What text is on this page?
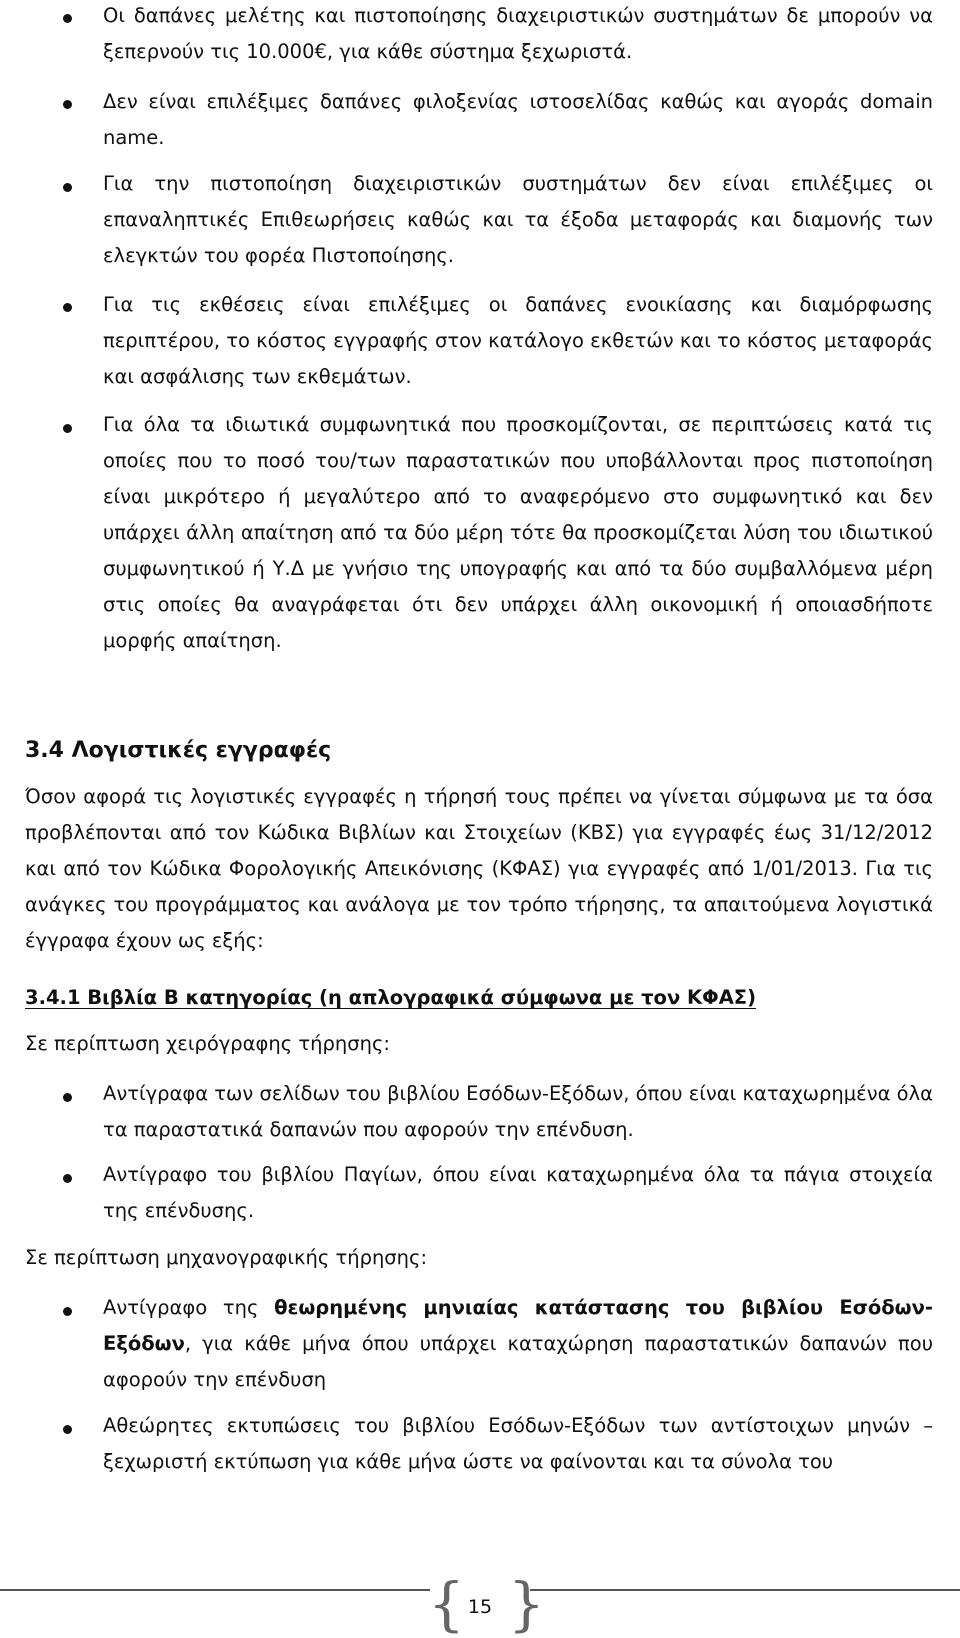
Οι δαπάνες μελέτης και πιστοποίησης διαχειριστικών συστημάτων δε μπορούν να ξεπερνούν τις 10.000€, για κάθε σύστημα ξεχωριστά.
Δεν είναι επιλέξιμες δαπάνες φιλοξενίας ιστοσελίδας καθώς και αγοράς domain name.
Για την πιστοποίηση διαχειριστικών συστημάτων δεν είναι επιλέξιμες οι επαναληπτικές Επιθεωρήσεις καθώς και τα έξοδα μεταφοράς και διαμονής των ελεγκτών του φορέα Πιστοποίησης.
Για τις εκθέσεις είναι επιλέξιμες οι δαπάνες ενοικίασης και διαμόρφωσης περιπτέρου, το κόστος εγγραφής στον κατάλογο εκθετών και το κόστος μεταφοράς και ασφάλισης των εκθεμάτων.
Για όλα τα ιδιωτικά συμφωνητικά που προσκομίζονται, σε περιπτώσεις κατά τις οποίες που το ποσό του/των παραστατικών που υποβάλλονται προς πιστοποίηση είναι μικρότερο ή μεγαλύτερο από το αναφερόμενο στο συμφωνητικό και δεν υπάρχει άλλη απαίτηση από τα δύο μέρη τότε θα προσκομίζεται λύση του ιδιωτικού συμφωνητικού ή Υ.Δ με γνήσιο της υπογραφής και από τα δύο συμβαλλόμενα μέρη στις οποίες θα αναγράφεται ότι δεν υπάρχει άλλη οικονομική ή οποιασδήποτε μορφής απαίτηση.
3.4 Λογιστικές εγγραφές
Όσον αφορά τις λογιστικές εγγραφές η τήρησή τους πρέπει να γίνεται σύμφωνα με τα όσα προβλέπονται από τον Κώδικα Βιβλίων και Στοιχείων (ΚΒΣ) για εγγραφές έως 31/12/2012 και από τον Κώδικα Φορολογικής Απεικόνισης (ΚΦΑΣ) για εγγραφές από 1/01/2013. Για τις ανάγκες του προγράμματος και ανάλογα με τον τρόπο τήρησης, τα απαιτούμενα λογιστικά έγγραφα έχουν ως εξής:
3.4.1 Βιβλία Β κατηγορίας (η απλογραφικά σύμφωνα με τον ΚΦΑΣ)
Σε περίπτωση χειρόγραφης τήρησης:
Αντίγραφα των σελίδων του βιβλίου Εσόδων-Εξόδων, όπου είναι καταχωρημένα όλα τα παραστατικά δαπανών που αφορούν την επένδυση.
Αντίγραφο του βιβλίου Παγίων, όπου είναι καταχωρημένα όλα τα πάγια στοιχεία της επένδυσης.
Σε περίπτωση μηχανογραφικής τήρησης:
Αντίγραφο της θεωρημένης μηνιαίας κατάστασης του βιβλίου Εσόδων-Εξόδων, για κάθε μήνα όπου υπάρχει καταχώρηση παραστατικών δαπανών που αφορούν την επένδυση
Αθεώρητες εκτυπώσεις του βιβλίου Εσόδων-Εξόδων των αντίστοιχων μηνών – ξεχωριστή εκτύπωση για κάθε μήνα ώστε να φαίνονται και τα σύνολα του
{ }
15
